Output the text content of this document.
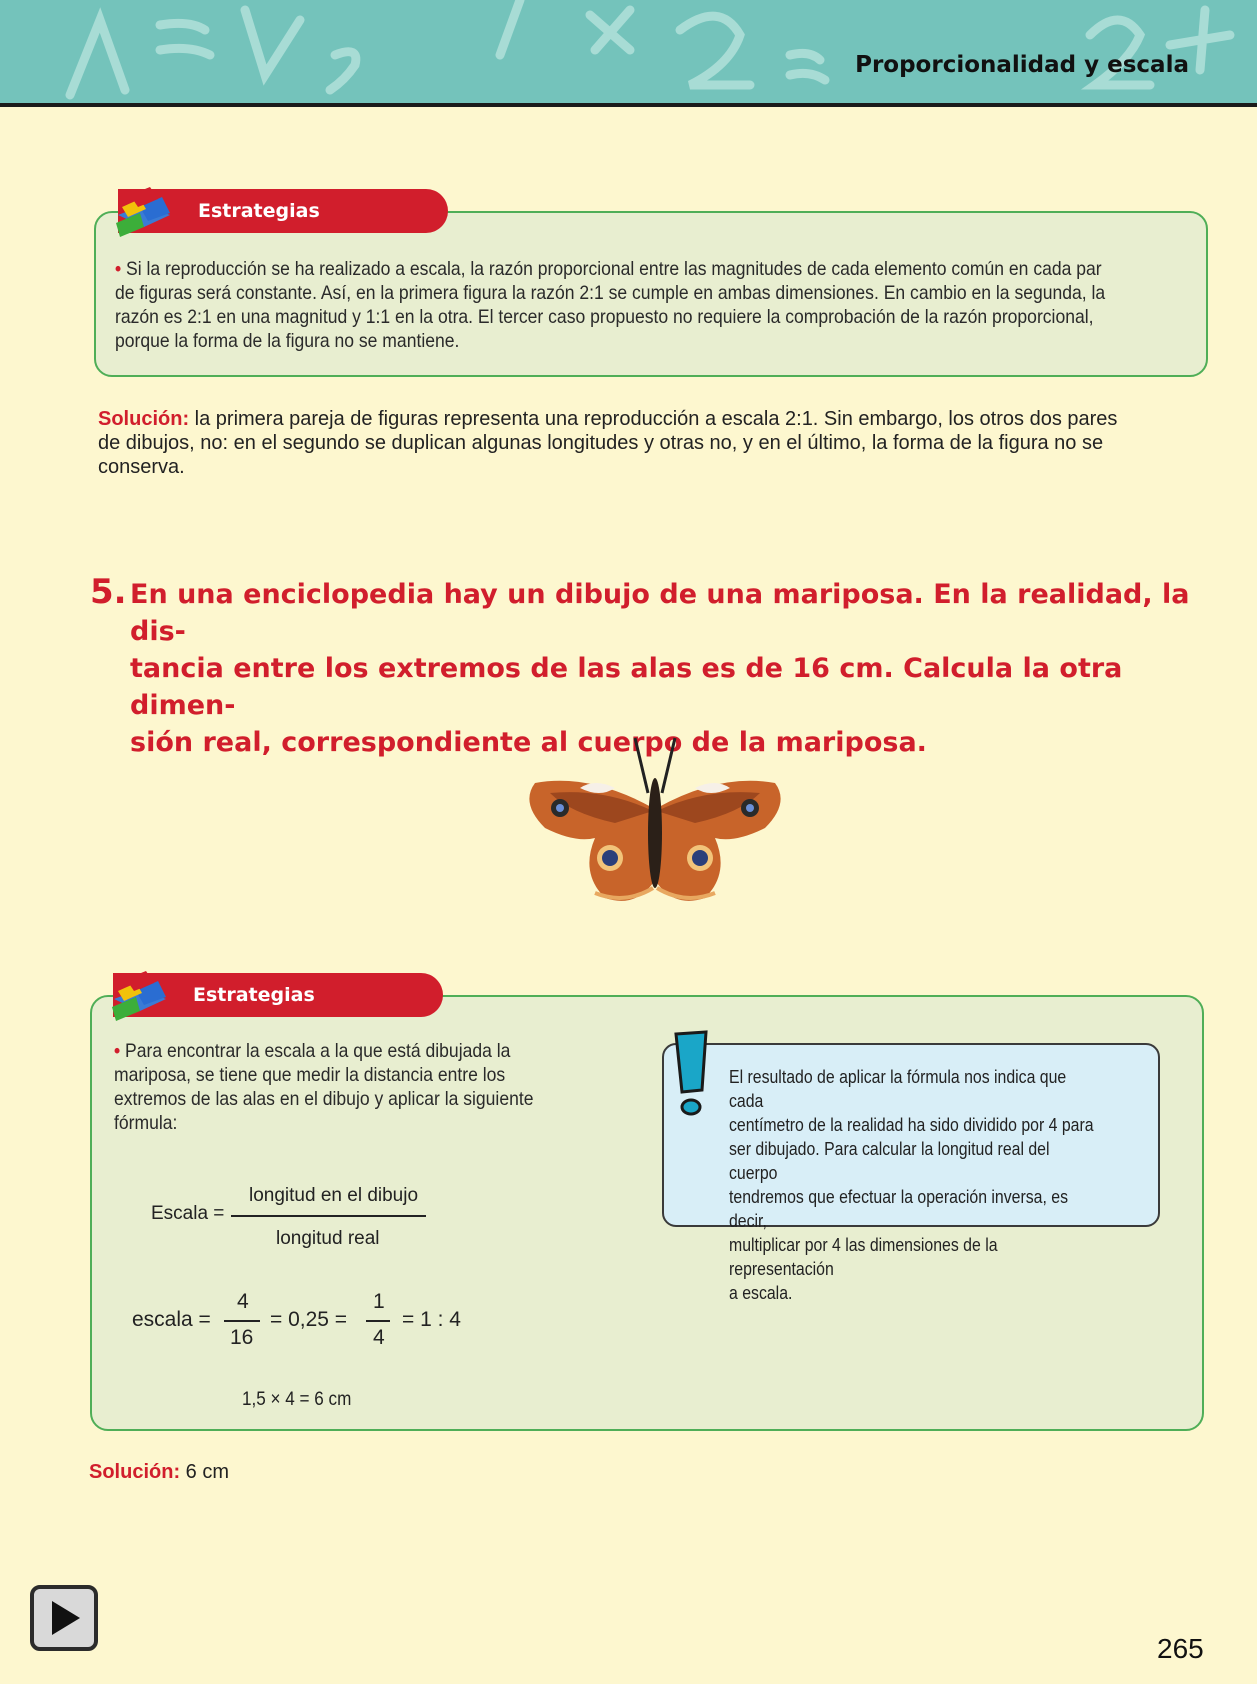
Proporcionalidad y escala
Estrategias
• Si la reproducción se ha realizado a escala, la razón proporcional entre las magnitudes de cada elemento común en cada par
de figuras será constante. Así, en la primera figura la razón 2:1 se cumple en ambas dimensiones. En cambio en la segunda, la
razón es 2:1 en una magnitud y 1:1 en la otra. El tercer caso propuesto no requiere la comprobación de la razón proporcional,
porque la forma de la figura no se mantiene.
Solución: la primera pareja de figuras representa una reproducción a escala 2:1. Sin embargo, los otros dos pares
de dibujos, no: en el segundo se duplican algunas longitudes y otras no, y en el último, la forma de la figura no se
conserva.
5. En una enciclopedia hay un dibujo de una mariposa. En la realidad, la dis-
tancia entre los extremos de las alas es de 16 cm. Calcula la otra dimen-
sión real, correspondiente al cuerpo de la mariposa.
Estrategias
• Para encontrar la escala a la que está dibujada la
mariposa, se tiene que medir la distancia entre los
extremos de las alas en el dibujo y aplicar la siguiente
fórmula:
Escala =
longitud en el dibujo
longitud real
escala =
4
16
= 0,25 =
1
4
= 1 : 4
1,5 × 4 = 6 cm
El resultado de aplicar la fórmula nos indica que cada
centímetro de la realidad ha sido dividido por 4 para
ser dibujado. Para calcular la longitud real del cuerpo
tendremos que efectuar la operación inversa, es decir,
multiplicar por 4 las dimensiones de la representación
a escala.
Solución: 6 cm
265
